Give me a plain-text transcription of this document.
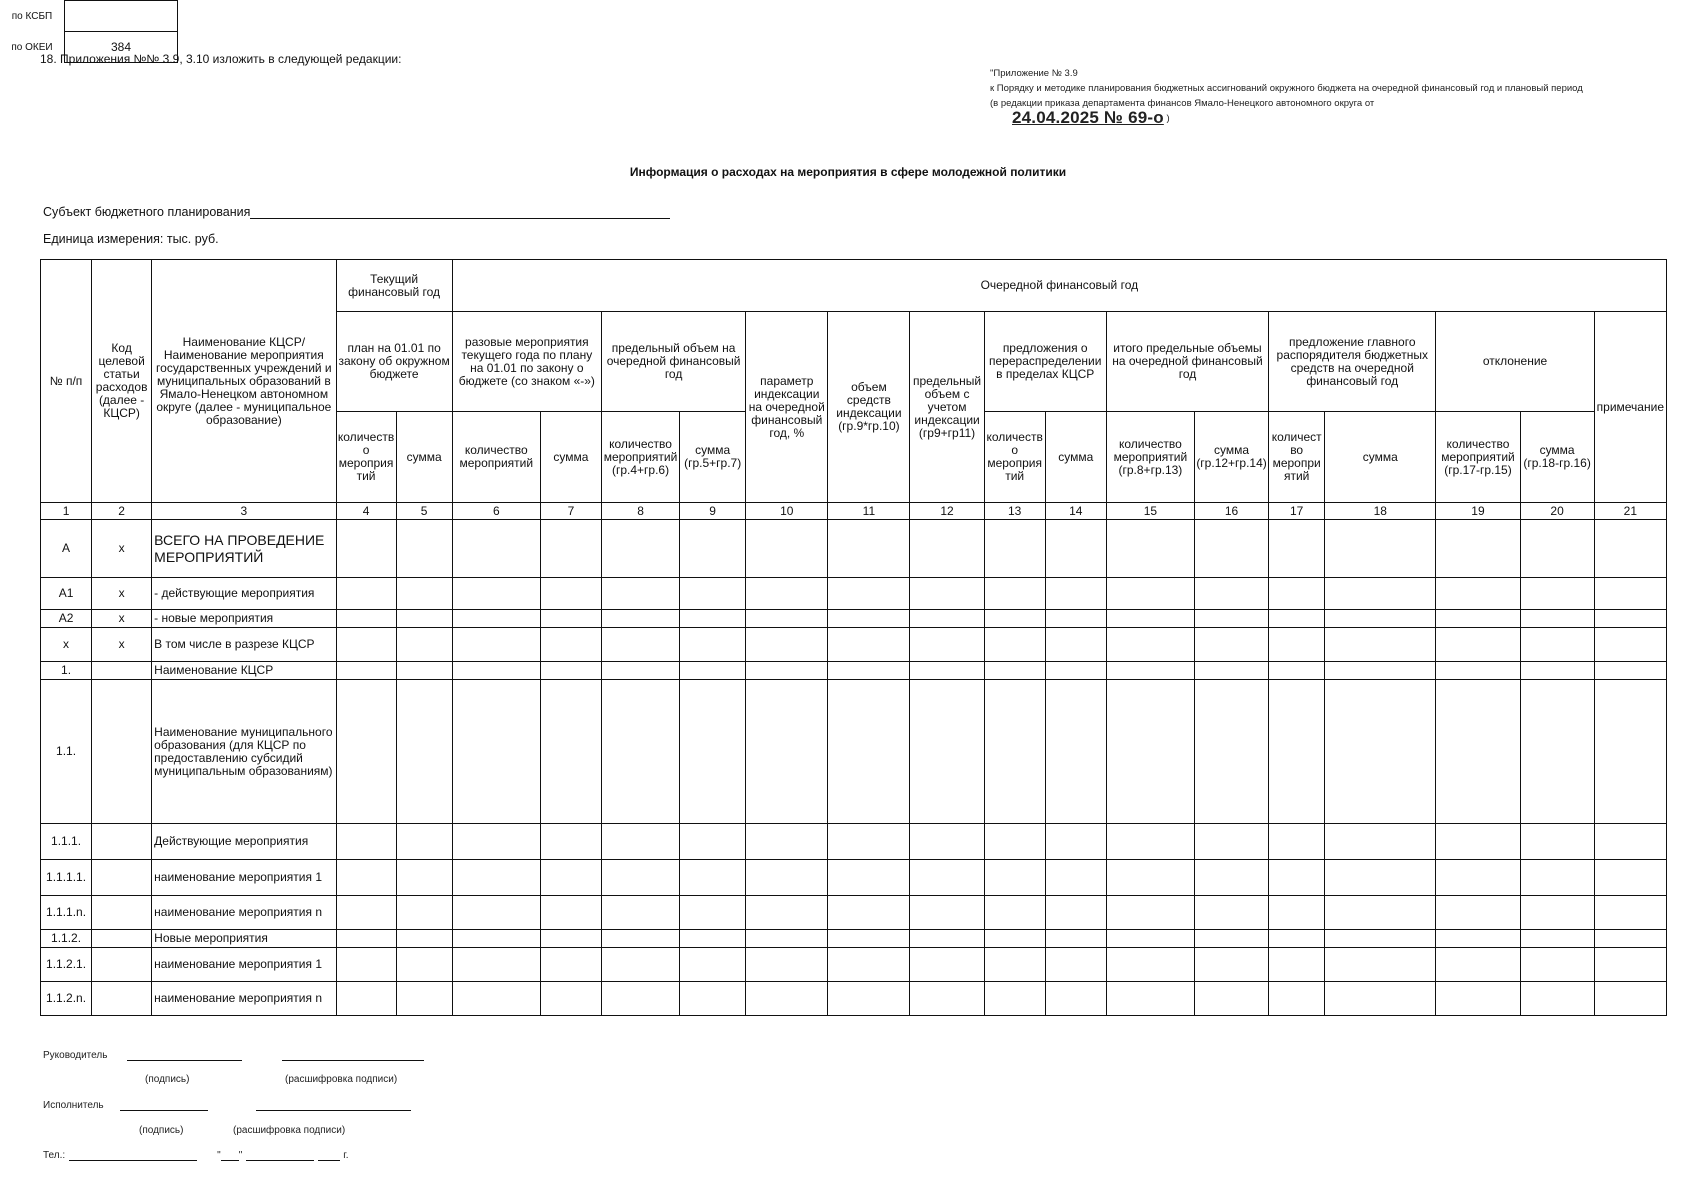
18. Приложения №№ 3.9, 3.10 изложить в следующей редакции:
"Приложение № 3.9
к Порядку и методике планирования бюджетных ассигнований окружного бюджета на очередной финансовый год и плановый период
(в редакции приказа департамента финансов Ямало-Ненецкого автономного округа от
24.04.2025 № 69-о )
Информация о расходах на мероприятия в сфере молодежной политики
Субъект бюджетного планирования
Единица измерения: тыс. руб.
по КСБП	
по ОКЕИ	384
№ п/п	Код целевой статьи расходов (далее - КЦСР)	Наименование КЦСР/ Наименование мероприятия государственных учреждений и муниципальных образований в Ямало-Ненецком автономном округе (далее - муниципальное образование)	Текущий финансовый год		Очередной финансовый год															
			план на 01.01 по закону об окружном бюджете		разовые мероприятия текущего года по плану на 01.01 по закону о бюджете (со знаком «-»)		предельный объем на очередной финансовый год		параметр индексации на очередной финансовый год, %	объем средств индексации (гр.9*гр.10)	предельный объем с учетом индексации (гр9+гр11)	предложения о перераспределении в пределах КЦСР		итого предельные объемы на очередной финансовый год		предложение главного распорядителя бюджетных средств на очередной финансовый год		отклонение		примечание
			количество мероприятий	сумма	количество мероприятий	сумма	количество мероприятий (гр.4+гр.6)	сумма (гр.5+гр.7)				количество мероприятий	сумма	количество мероприятий (гр.8+гр.13)	сумма (гр.12+гр.14)	количество мероприятий	сумма	количество мероприятий (гр.17-гр.15)	сумма (гр.18-гр.16)	
1	2	3	4	5	6	7	8	9	10	11	12	13	14	15	16	17	18	19	20	21
А	х	ВСЕГО НА ПРОВЕДЕНИЕ МЕРОПРИЯТИЙ																		
А1	х	- действующие мероприятия																		
А2	х	- новые мероприятия																		
х	х	В том числе в разрезе КЦСР																		
1.		Наименование КЦСР																		
1.1.		Наименование муниципального образования (для КЦСР по предоставлению субсидий муниципальным образованиям)																		
1.1.1.		Действующие мероприятия																		
1.1.1.1.		наименование мероприятия 1																		
1.1.1.n.		наименование мероприятия n																		
1.1.2.		Новые мероприятия																		
1.1.2.1.		наименование мероприятия 1																		
1.1.2.n.		наименование мероприятия n																		
Руководитель
(подпись)	(расшифровка подписи)
Исполнитель
(подпись)	(расшифровка подписи)
Тел.:	" "	г.
